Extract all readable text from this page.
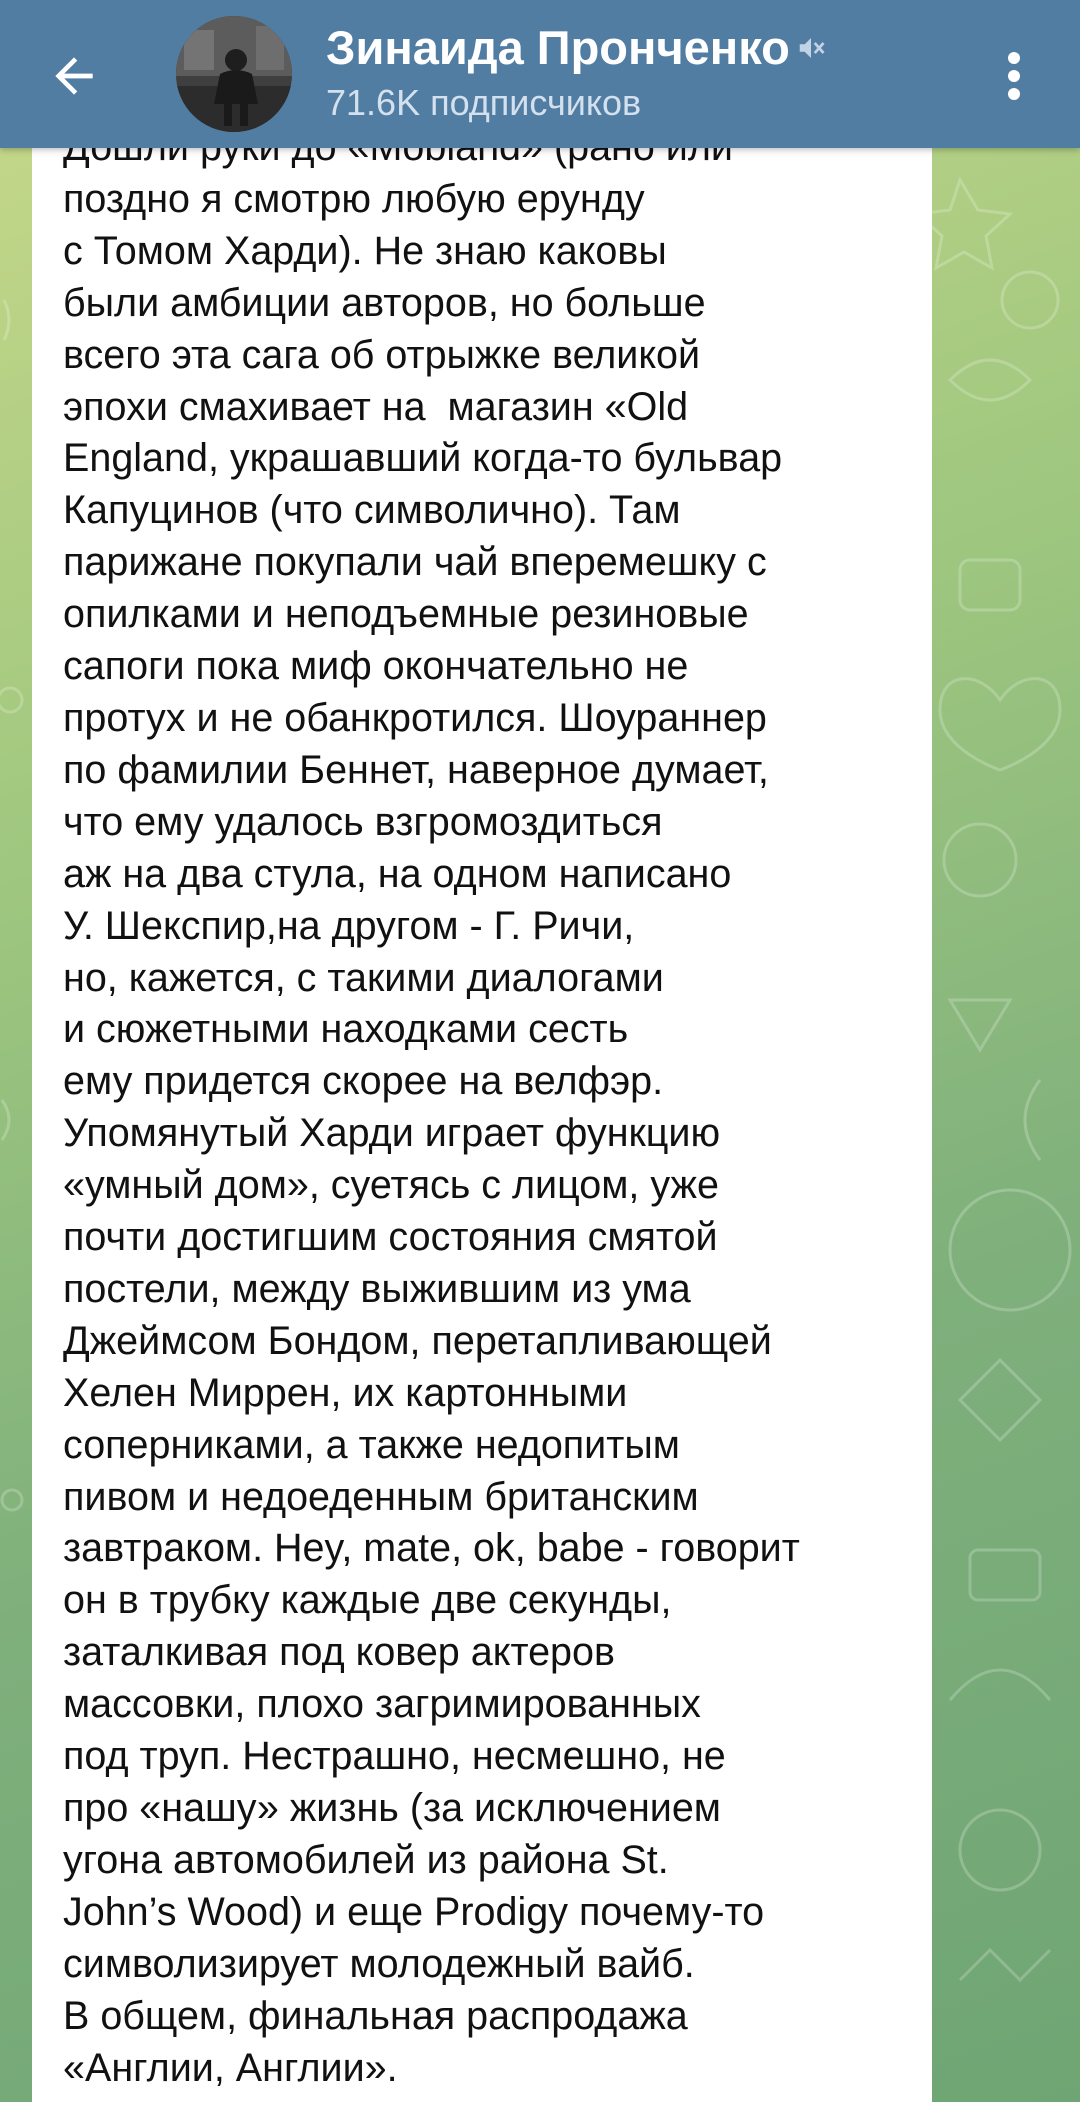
Зинаида Пронченко
71.6K подписчиков

поздно я смотрю любую ерунду
с Томом Харди). Не знаю каковы
были амбиции авторов, но больше
всего эта сага об отрыжке великой
эпохи смахивает на  магазин «Old
England, украшавший когда-то бульвар
Капуцинов (что символично). Там
парижане покупали чай вперемешку с
опилками и неподъемные резиновые
сапоги пока миф окончательно не
протух и не обанкротился. Шоураннер
по фамилии Беннет, наверное думает,
что ему удалось взгромоздиться
аж на два стула, на одном написано
У. Шекспир,на другом - Г. Ричи,
но, кажется, с такими диалогами
и сюжетными находками сесть
ему придется скорее на велфэр.
Упомянутый Харди играет функцию
«умный дом», суетясь с лицом, уже
почти достигшим состояния смятой
постели, между выжившим из ума
Джеймсом Бондом, перетапливающей
Хелен Миррен, их картонными
соперниками, а также недопитым
пивом и недоеденным британским
завтраком. Hey, mate, ok, babe - говорит
он в трубку каждые две секунды,
заталкивая под ковер актеров
массовки, плохо загримированных
под труп. Нестрашно, несмешно, не
про «нашу» жизнь (за исключением
угона автомобилей из района St.
John’s Wood) и еще Prodigy почему-то
символизирует молодежный вайб.
В общем, финальная распродажа
«Англии, Англии».
